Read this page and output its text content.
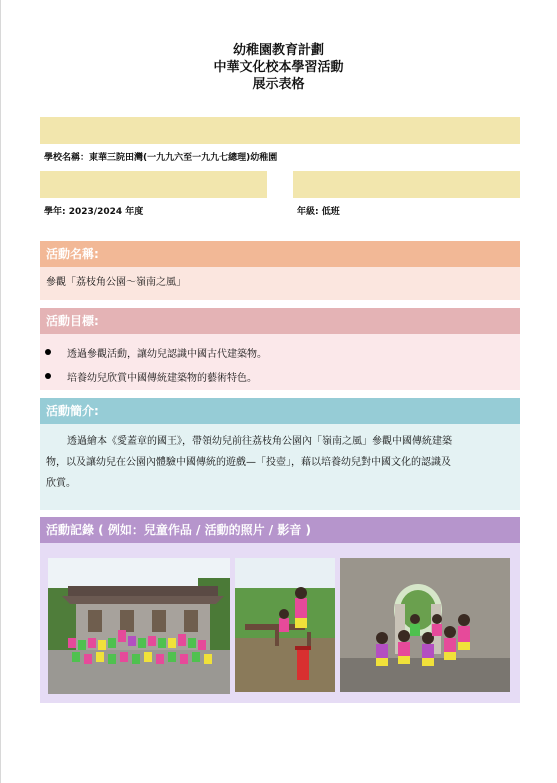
幼稚園教育計劃
中華文化校本學習活動
展示表格
學校名稱：東華三院田灣(一九九六至一九九七總理)幼稚園
學年: 2023/2024 年度	年級: 低班
活動名稱:
參觀「荔枝角公園～嶺南之風」
活動目標:
透過參觀活動，讓幼兒認識中國古代建築物。
培養幼兒欣賞中國傳統建築物的藝術特色。
活動簡介:
透過繪本《愛蓋章的國王》，帶領幼兒前往荔枝角公園內「嶺南之風」參觀中國傳統建築
物，以及讓幼兒在公園內體驗中國傳統的遊戲—「投壺」，藉以培養幼兒對中國文化的認識及
欣賞。
活動記錄 ( 例如：兒童作品 / 活動的照片 / 影音 )
